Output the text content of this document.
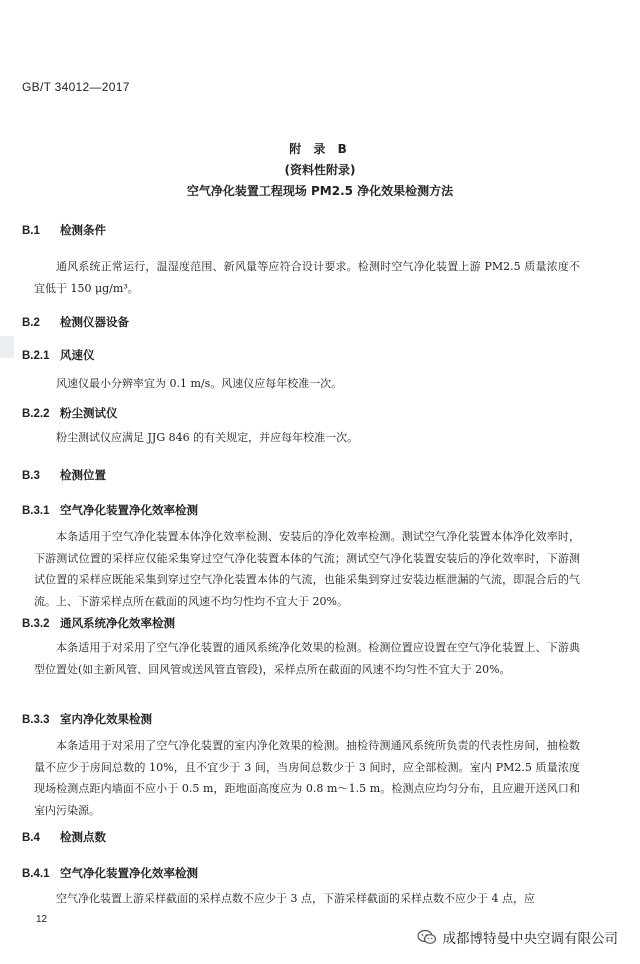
GB/T 34012—2017
附 录 B
(资料性附录)
空气净化装置工程现场 PM2.5 净化效果检测方法
B.1 检测条件
通风系统正常运行，温湿度范围、新风量等应符合设计要求。检测时空气净化装置上游 PM2.5 质量浓度不宜低于 150 μg/m³。
B.2 检测仪器设备
B.2.1 风速仪
风速仪最小分辨率宜为 0.1 m/s。风速仪应每年校准一次。
B.2.2 粉尘测试仪
粉尘测试仪应满足 JJG 846 的有关规定，并应每年校准一次。
B.3 检测位置
B.3.1 空气净化装置净化效率检测
本条适用于空气净化装置本体净化效率检测、安装后的净化效率检测。测试空气净化装置本体净化效率时，下游测试位置的采样应仅能采集穿过空气净化装置本体的气流；测试空气净化装置安装后的净化效率时，下游测试位置的采样应既能采集到穿过空气净化装置本体的气流，也能采集到穿过安装边框泄漏的气流，即混合后的气流。上、下游采样点所在截面的风速不均匀性均不宜大于 20%。
B.3.2 通风系统净化效率检测
本条适用于对采用了空气净化装置的通风系统净化效果的检测。检测位置应设置在空气净化装置上、下游典型位置处(如主新风管、回风管或送风管直管段)，采样点所在截面的风速不均匀性不宜大于 20%。
B.3.3 室内净化效果检测
本条适用于对采用了空气净化装置的室内净化效果的检测。抽检待测通风系统所负责的代表性房间，抽检数量不应少于房间总数的 10%，且不宜少于 3 间，当房间总数少于 3 间时，应全部检测。室内 PM2.5 质量浓度现场检测点距内墙面不应小于 0.5 m，距地面高度应为 0.8 m～1.5 m。检测点应均匀分布，且应避开送风口和室内污染源。
B.4 检测点数
B.4.1 空气净化装置净化效率检测
空气净化装置上游采样截面的采样点数不应少于 3 点，下游采样截面的采样点数不应少于 4 点，应
12
成都博特曼中央空调有限公司
